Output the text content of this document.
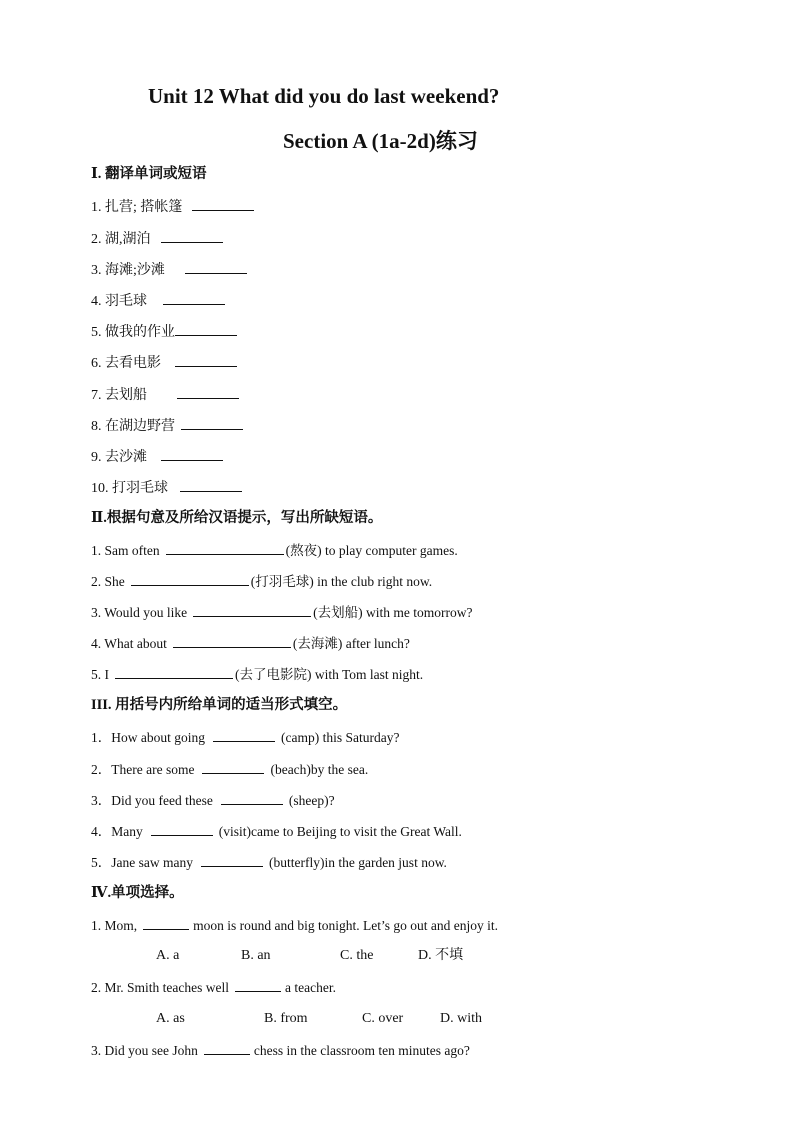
Unit 12 What did you do last weekend?
Section A (1a-2d)练习
Ⅰ. 翻译单词或短语
1. 扎营; 搭帐篷
2. 湖,湖泊
3. 海滩;沙滩
4. 羽毛球
5. 做我的作业
6. 去看电影
7. 去划船
8. 在湖边野营
9. 去沙滩
10. 打羽毛球
Ⅱ.根据句意及所给汉语提示，写出所缺短语。
1. Sam often	(熬夜) to play computer games.
2. She	(打羽毛球) in the club right now.
3. Would you like	(去划船) with me tomorrow?
4. What about	(去海滩) after lunch?
5. I	(去了电影院) with Tom last night.
III. 用括号内所给单词的适当形式填空。
1．How about going	(camp) this Saturday?
2．There are some	(beach)by the sea.
3．Did you feed these	(sheep)?
4．Many	(visit)came to Beijing to visit the Great Wall.
5．Jane saw many	(butterfly)in the garden just now.
Ⅳ.单项选择。
1. Mom,	moon is round and big tonight. Let’s go out and enjoy it.
A. a	B. an	C. the	D. 不填
2. Mr. Smith teaches well	a teacher.
A. as	B. from	C. over	D. with
3. Did you see John	chess in the classroom ten minutes ago?
